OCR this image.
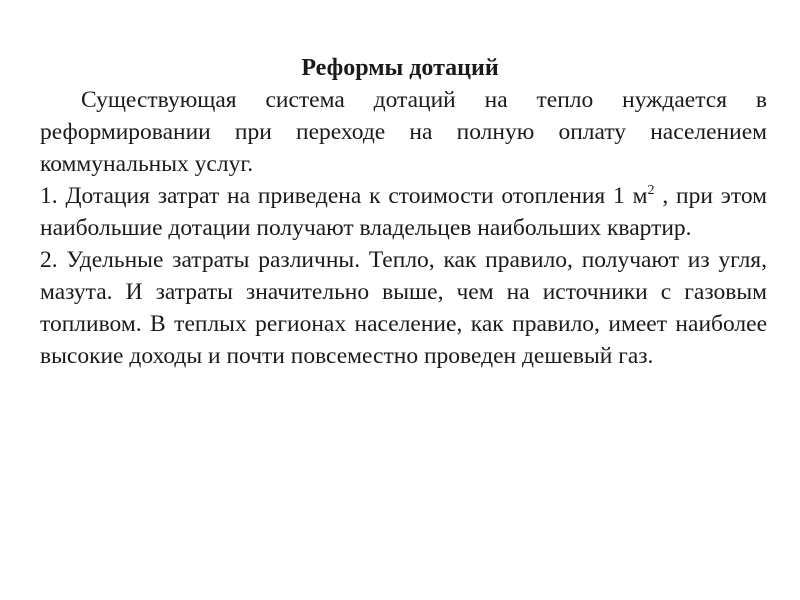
Реформы дотаций

Существующая система дотаций на тепло нуждается в реформировании при переходе на полную оплату населением коммунальных услуг.

1. Дотация затрат на приведена к стоимости отопления 1 $м^2$ , при этом наибольшие дотации получают владельцев наибольших квартир.

2. Удельные затраты различны. Тепло, как правило, получают из угля, мазута. И затраты значительно выше, чем на источники с газовым топливом. В теплых регионах население, как правило, имеет наиболее высокие доходы и почти повсеместно проведен дешевый газ.
